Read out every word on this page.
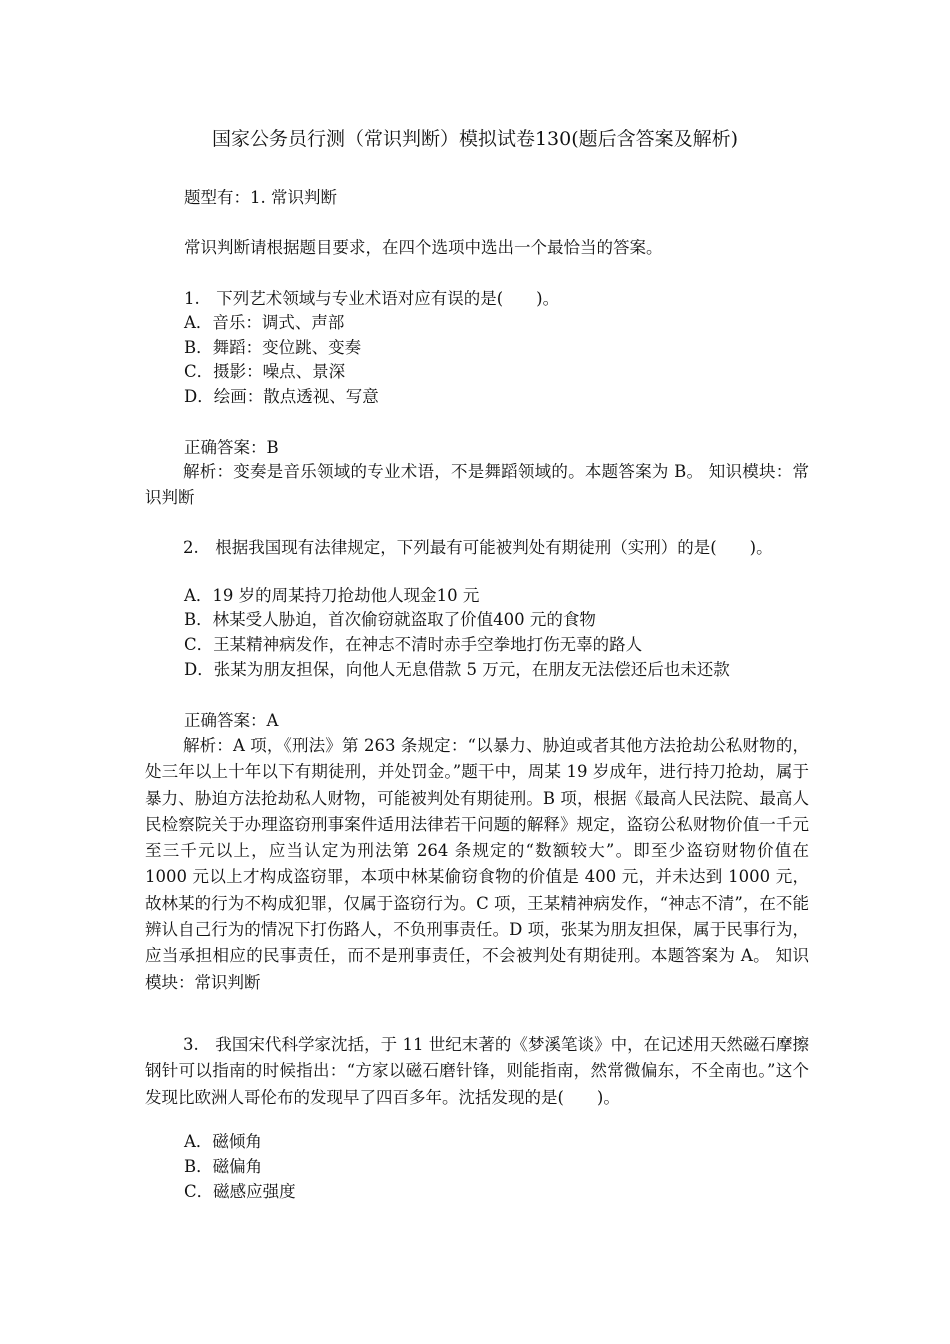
国家公务员行测（常识判断）模拟试卷130(题后含答案及解析)
题型有：1. 常识判断
常识判断请根据题目要求，在四个选项中选出一个最恰当的答案。
1.　下列艺术领域与专业术语对应有误的是(　　)。
A．音乐：调式、声部
B．舞蹈：变位跳、变奏
C．摄影：噪点、景深
D．绘画：散点透视、写意
正确答案：B
解析：变奏是音乐领域的专业术语，不是舞蹈领域的。本题答案为 B。 知识模块：常识判断
2.　根据我国现有法律规定，下列最有可能被判处有期徒刑（实刑）的是(　　)。
A．19 岁的周某持刀抢劫他人现金10 元
B．林某受人胁迫，首次偷窃就盗取了价值400 元的食物
C．王某精神病发作，在神志不清时赤手空拳地打伤无辜的路人
D．张某为朋友担保，向他人无息借款 5 万元，在朋友无法偿还后也未还款
正确答案：A
解析：A 项，《刑法》第 263 条规定：“以暴力、胁迫或者其他方法抢劫公私财物的，处三年以上十年以下有期徒刑，并处罚金。”题干中，周某 19 岁成年，进行持刀抢劫，属于暴力、胁迫方法抢劫私人财物，可能被判处有期徒刑。B 项，根据《最高人民法院、最高人民检察院关于办理盗窃刑事案件适用法律若干问题的解释》规定，盗窃公私财物价值一千元至三千元以上，应当认定为刑法第 264 条规定的“数额较大”。即至少盗窃财物价值在 1000 元以上才构成盗窃罪，本项中林某偷窃食物的价值是 400 元，并未达到 1000 元，故林某的行为不构成犯罪，仅属于盗窃行为。C 项，王某精神病发作，“神志不清”，在不能辨认自己行为的情况下打伤路人，不负刑事责任。D 项，张某为朋友担保，属于民事行为，应当承担相应的民事责任，而不是刑事责任，不会被判处有期徒刑。本题答案为 A。 知识模块：常识判断
3.　我国宋代科学家沈括，于 11 世纪末著的《梦溪笔谈》中，在记述用天然磁石摩擦钢针可以指南的时候指出：“方家以磁石磨针锋，则能指南，然常微偏东，不全南也。”这个发现比欧洲人哥伦布的发现早了四百多年。沈括发现的是(　　)。
A．磁倾角
B．磁偏角
C．磁感应强度
